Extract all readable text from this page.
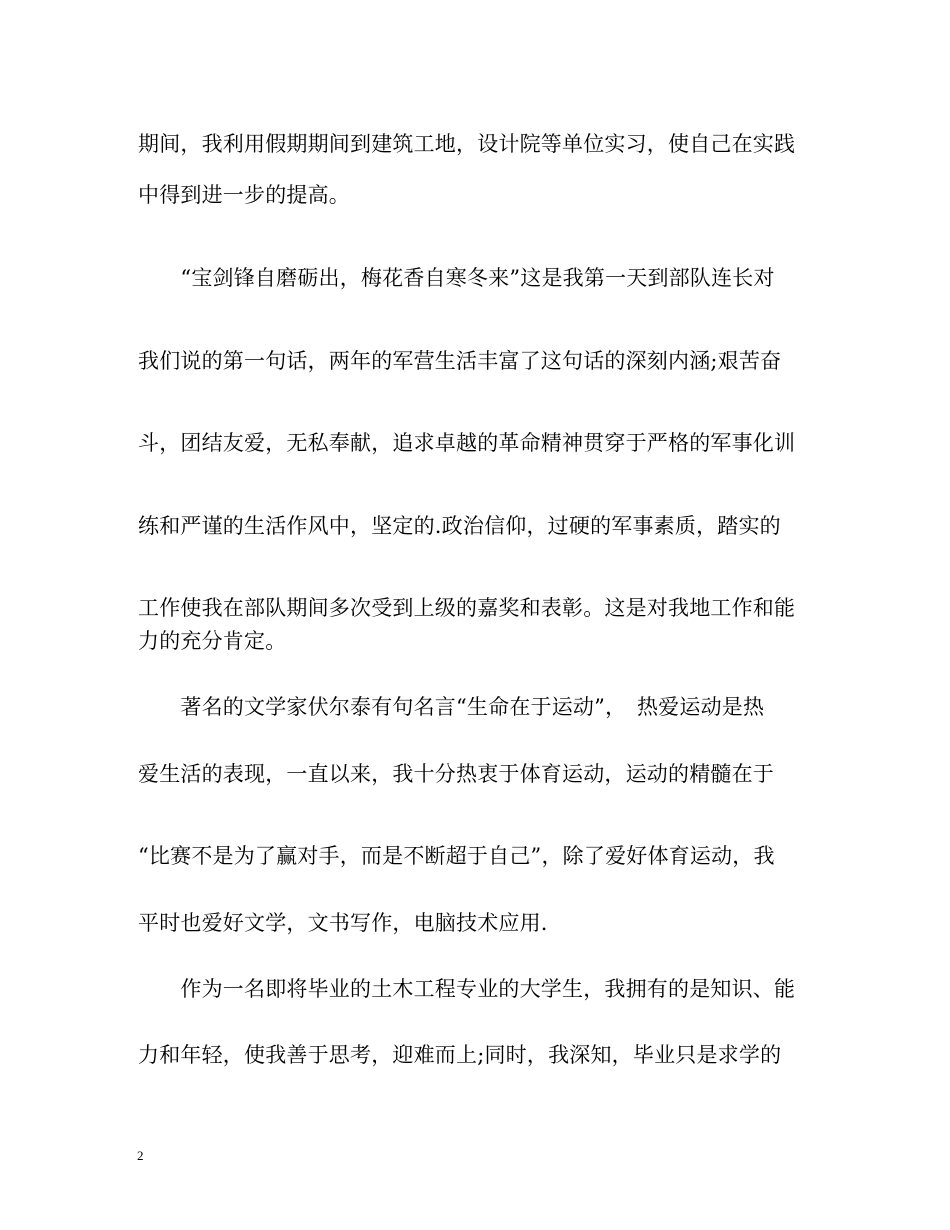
期间，我利用假期期间到建筑工地，设计院等单位实习，使自己在实践
中得到进一步的提高。
　　“宝剑锋自磨砺出，梅花香自寒冬来”这是我第一天到部队连长对
我们说的第一句话，两年的军营生活丰富了这句话的深刻内涵;艰苦奋
斗，团结友爱，无私奉献，追求卓越的革命精神贯穿于严格的军事化训
练和严谨的生活作风中，坚定的.政治信仰，过硬的军事素质，踏实的
工作使我在部队期间多次受到上级的嘉奖和表彰。这是对我地工作和能
力的充分肯定。
　　著名的文学家伏尔泰有句名言“生命在于运动”，　热爱运动是热
爱生活的表现，一直以来，我十分热衷于体育运动，运动的精髓在于
“比赛不是为了赢对手，而是不断超于自己”，除了爱好体育运动，我
平时也爱好文学，文书写作，电脑技术应用.
　　作为一名即将毕业的土木工程专业的大学生，我拥有的是知识、能
力和年轻，使我善于思考，迎难而上;同时，我深知，毕业只是求学的
2
